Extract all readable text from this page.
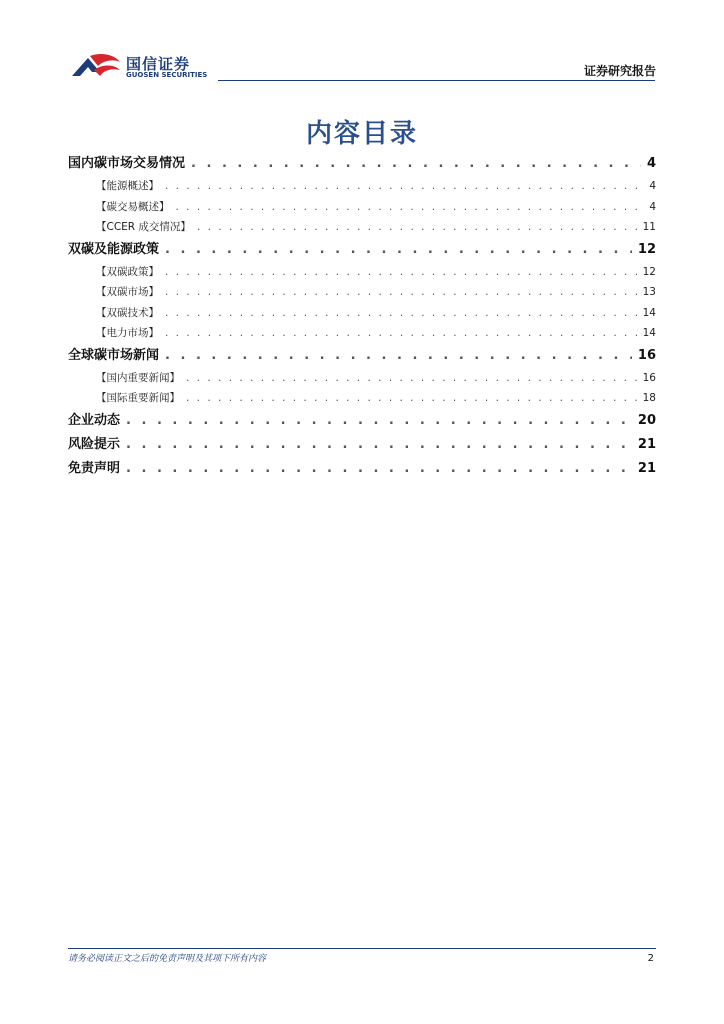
国信证券
GUOSEN SECURITIES	证券研究报告
内容目录
国内碳市场交易情况 . . .	4
【能源概述】 . . .	4
【碳交易概述】 . . .	4
【CCER 成交情况】 . . .	11
双碳及能源政策 . . .	12
【双碳政策】 . . .	12
【双碳市场】 . . .	13
【双碳技术】 . . .	14
【电力市场】 . . .	14
全球碳市场新闻 . . .	16
【国内重要新闻】 . . .	16
【国际重要新闻】 . . .	18
企业动态 . . .	20
风险提示 . . .	21
免责声明 . . .	21
请务必阅读正文之后的免责声明及其项下所有内容	2
